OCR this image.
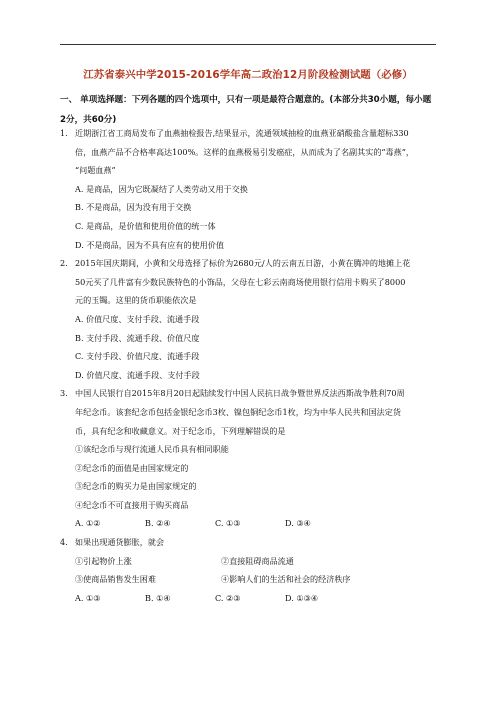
江苏省泰兴中学2015-2016学年高二政治12月阶段检测试题（必修）
一、 单项选择题：下列各题的四个选项中，只有一项是最符合题意的。(本部分共30小题，每小题
2分，共60分)
1. 近期浙江省工商局发布了血燕抽检报告,结果显示，流通领域抽检的血燕亚硝酸盐含量超标330
倍，血燕产品不合格率高达100%。这样的血燕极易引发癌症，从而成为了名副其实的“毒燕”，
“问题血燕”
A. 是商品，因为它既凝结了人类劳动又用于交换
B. 不是商品，因为没有用于交换
C. 是商品，是价值和使用价值的统一体
D. 不是商品，因为不具有应有的使用价值
2. 2015年国庆期间，小黄和父母选择了标价为2680元/人的云南五日游，小黄在腾冲的地摊上花
50元买了几件富有少数民族特色的小饰品，父母在七彩云南商场使用银行信用卡购买了8000
元的玉镯。这里的货币职能依次是
A. 价值尺度、支付手段、流通手段
B. 支付手段、流通手段、价值尺度
C. 支付手段、价值尺度、流通手段
D. 价值尺度、流通手段、支付手段
3. 中国人民银行自2015年8月20日起陆续发行中国人民抗日战争暨世界反法西斯战争胜利70周
年纪念币。该套纪念币包括金银纪念币3枚、镍包铜纪念币1枚，均为中华人民共和国法定货
币，具有纪念和收藏意义。对于纪念币，下列理解错误的是
①该纪念币与现行流通人民币具有相同职能
②纪念币的面值是由国家规定的
③纪念币的购买力是由国家规定的
④纪念币不可直接用于购买商品
A. ①②	B. ②④	C. ①③	D. ③④
4. 如果出现通货膨胀，就会
①引起物价上涨	②直接阻碍商品流通
③使商品销售发生困难	④影响人们的生活和社会的经济秩序
A. ①③	B. ①④	C. ②③	D. ①③④
